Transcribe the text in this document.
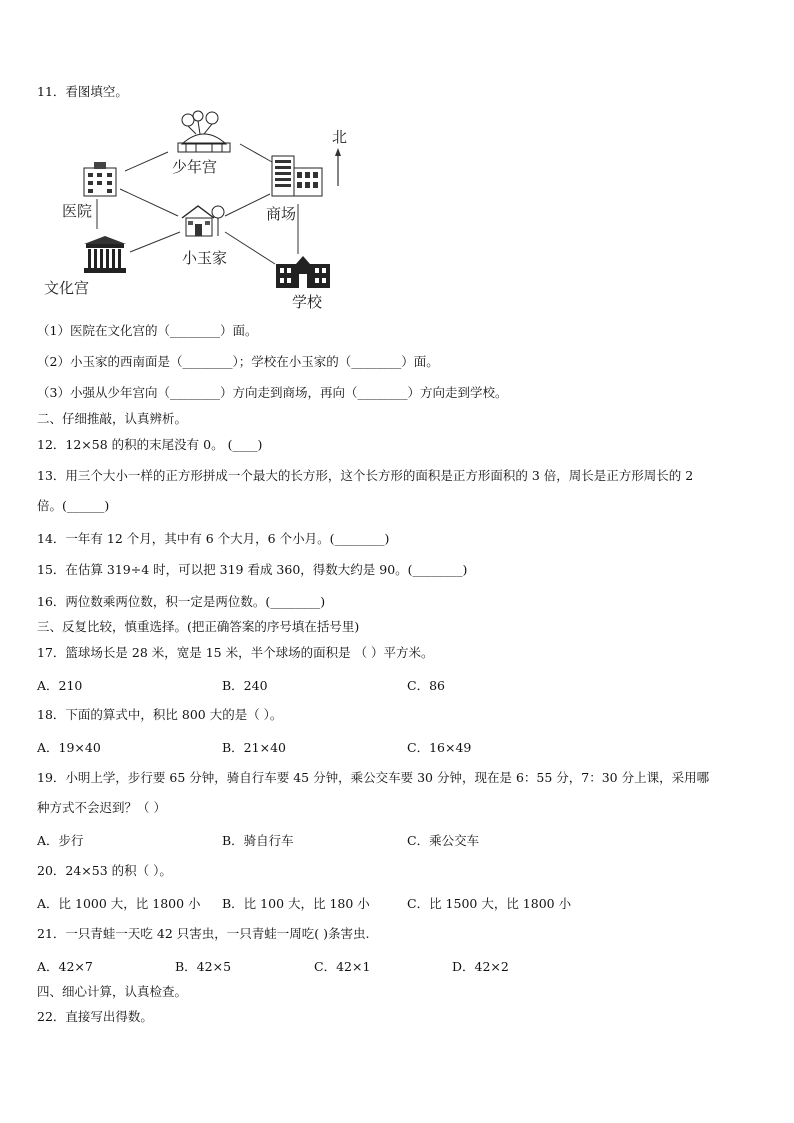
11．看图填空。
少年宫
医院	商场
北
小玉家
文化宫
学校
（1）医院在文化宫的（________）面。
（2）小玉家的西南面是（________）；学校在小玉家的（________）面。
（3）小强从少年宫向（________）方向走到商场，再向（________）方向走到学校。
二、仔细推敲，认真辨析。
12．12×58 的积的末尾没有 0。 (____)
13．用三个大小一样的正方形拼成一个最大的长方形，这个长方形的面积是正方形面积的 3 倍，周长是正方形周长的 2
倍。(______)
14．一年有 12 个月，其中有 6 个大月，6 个小月。(________)
15．在估算 319÷4 时，可以把 319 看成 360，得数大约是 90。(________)
16．两位数乘两位数，积一定是两位数。(________)
三、反复比较，慎重选择。(把正确答案的序号填在括号里)
17．篮球场长是 28 米，宽是 15 米，半个球场的面积是 （ ）平方米。
A．210	B．240	C．86
18．下面的算式中，积比 800 大的是（ ）。
A．19×40	B．21×40	C．16×49
19．小明上学，步行要 65 分钟，骑自行车要 45 分钟，乘公交车要 30 分钟，现在是 6：55 分，7：30 分上课，采用哪
种方式不会迟到？（ ）
A．步行	B．骑自行车	C．乘公交车
20．24×53 的积（ ）。
A．比 1000 大，比 1800 小 B．比 100 大，比 180 小	C．比 1500 大，比 1800 小
21．一只青蛙一天吃 42 只害虫，一只青蛙一周吃( )条害虫.
A．42×7	B．42×5	C．42×1	D．42×2
四、细心计算，认真检查。
22．直接写出得数。
